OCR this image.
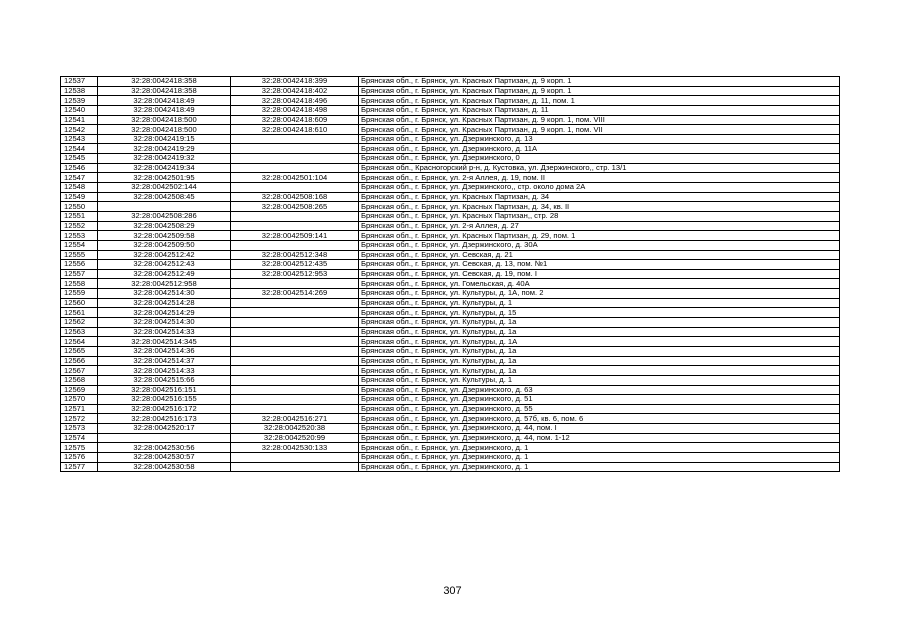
12537	32:28:0042418:358	32:28:0042418:399	Брянская обл., г. Брянск, ул. Красных Партизан, д. 9 корп. 1
12538	32:28:0042418:358	32:28:0042418:402	Брянская обл., г. Брянск, ул. Красных Партизан, д. 9 корп. 1
12539	32:28:0042418:49	32:28:0042418:496	Брянская обл., г. Брянск, ул. Красных Партизан, д. 11, пом. 1
12540	32:28:0042418:49	32:28:0042418:498	Брянская обл., г. Брянск, ул. Красных Партизан, д. 11
12541	32:28:0042418:500	32:28:0042418:609	Брянская обл., г. Брянск, ул. Красных Партизан, д. 9 корп. 1, пом. VIII
12542	32:28:0042418:500	32:28:0042418:610	Брянская обл., г. Брянск, ул. Красных Партизан, д. 9 корп. 1, пом. VII
12543	32:28:0042419:15		Брянская обл., г. Брянск, ул. Дзержинского, д. 13
12544	32:28:0042419:29		Брянская обл., г. Брянск, ул. Дзержинского, д. 11А
12545	32:28:0042419:32		Брянская обл., г. Брянск, ул. Дзержинского, 0
12546	32:28:0042419:34		Брянская обл., Красногорский р-н, д. Кустовка, ул. Дзержинского,, стр. 13/1
12547	32:28:0042501:95	32:28:0042501:104	Брянская обл., г. Брянск, ул. 2-я Аллея, д. 19, пом. II
12548	32:28:0042502:144		Брянская обл., г. Брянск, ул. Дзержинского,, стр. около дома 2А
12549	32:28:0042508:45	32:28:0042508:168	Брянская обл., г. Брянск, ул. Красных Партизан, д. 34
12550		32:28:0042508:265	Брянская обл., г. Брянск, ул. Красных Партизан, д. 34, кв. II
12551	32:28:0042508:286		Брянская обл., г. Брянск, ул. Красных Партизан,, стр. 28
12552	32:28:0042508:29		Брянская обл., г. Брянск, ул. 2-я Аллея, д. 27
12553	32:28:0042509:58	32:28:0042509:141	Брянская обл., г. Брянск, ул. Красных Партизан, д. 29, пом. 1
12554	32:28:0042509:50		Брянская обл., г. Брянск, ул. Дзержинского, д. 30А
12555	32:28:0042512:42	32:28:0042512:348	Брянская обл., г. Брянск, ул. Севская, д. 21
12556	32:28:0042512:43	32:28:0042512:435	Брянская обл., г. Брянск, ул. Севская, д. 13, пом. №1
12557	32:28:0042512:49	32:28:0042512:953	Брянская обл., г. Брянск, ул. Севская, д. 19, пом. I
12558	32:28:0042512:958		Брянская обл., г. Брянск, ул. Гомельская, д. 40А
12559	32:28:0042514:30	32:28:0042514:269	Брянская обл., г. Брянск, ул. Культуры, д. 1А, пом. 2
12560	32:28:0042514:28		Брянская обл., г. Брянск, ул. Культуры, д. 1
12561	32:28:0042514:29		Брянская обл., г. Брянск, ул. Культуры, д. 15
12562	32:28:0042514:30		Брянская обл., г. Брянск, ул. Культуры, д. 1а
12563	32:28:0042514:33		Брянская обл., г. Брянск, ул. Культуры, д. 1а
12564	32:28:0042514:345		Брянская обл., г. Брянск, ул. Культуры, д. 1А
12565	32:28:0042514:36		Брянская обл., г. Брянск, ул. Культуры, д. 1а
12566	32:28:0042514:37		Брянская обл., г. Брянск, ул. Культуры, д. 1а
12567	32:28:0042514:33		Брянская обл., г. Брянск, ул. Культуры, д. 1а
12568	32:28:0042515:66		Брянская обл., г. Брянск, ул. Культуры, д. 1
12569	32:28:0042516:151		Брянская обл., г. Брянск, ул. Дзержинского, д. 63
12570	32:28:0042516:155		Брянская обл., г. Брянск, ул. Дзержинского, д. 51
12571	32:28:0042516:172		Брянская обл., г. Брянск, ул. Дзержинского, д. 55
12572	32:28:0042516:173	32:28:0042516:271	Брянская обл., г. Брянск, ул. Дзержинского, д. 57б, кв. 6, пом. 6
12573	32:28:0042520:17	32:28:0042520:38	Брянская обл., г. Брянск, ул. Дзержинского, д. 44, пом. I
12574		32:28:0042520:99	Брянская обл., г. Брянск, ул. Дзержинского, д. 44, пом. 1-12
12575	32:28:0042530:56	32:28:0042530:133	Брянская обл., г. Брянск, ул. Дзержинского, д. 1
12576	32:28:0042530:57		Брянская обл., г. Брянск, ул. Дзержинского, д. 1
12577	32:28:0042530:58		Брянская обл., г. Брянск, ул. Дзержинского, д. 1
307
